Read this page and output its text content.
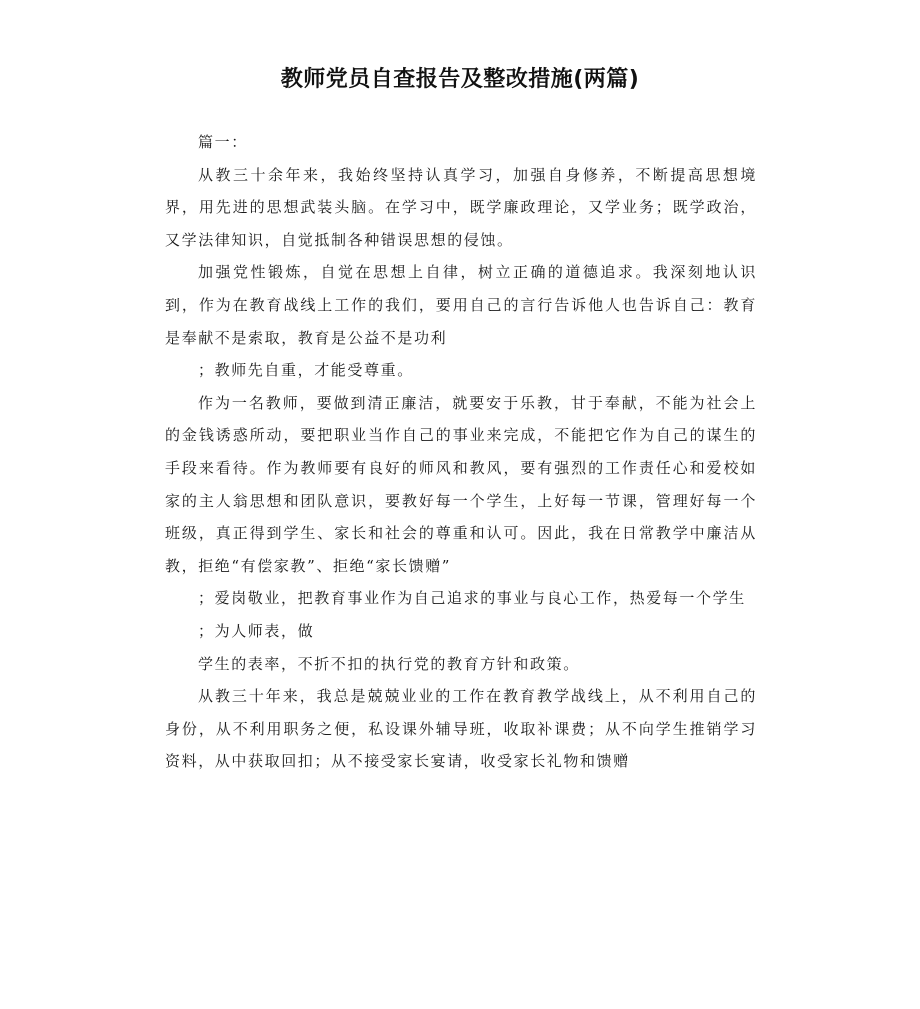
教师党员自查报告及整改措施(两篇)

篇一：

从教三十余年来，我始终坚持认真学习，加强自身修养，不断提高思想境界，用先进的思想武装头脑。在学习中，既学廉政理论，又学业务；既学政治，又学法律知识，自觉抵制各种错误思想的侵蚀。

加强党性锻炼，自觉在思想上自律，树立正确的道德追求。我深刻地认识到，作为在教育战线上工作的我们，要用自己的言行告诉他人也告诉自己：教育是奉献不是索取，教育是公益不是功利

；教师先自重，才能受尊重。

作为一名教师，要做到清正廉洁，就要安于乐教，甘于奉献，不能为社会上的金钱诱惑所动，要把职业当作自己的事业来完成，不能把它作为自己的谋生的手段来看待。作为教师要有良好的师风和教风，要有强烈的工作责任心和爱校如家的主人翁思想和团队意识，要教好每一个学生，上好每一节课，管理好每一个班级，真正得到学生、家长和社会的尊重和认可。因此，我在日常教学中廉洁从教，拒绝“有偿家教”、拒绝“家长馈赠”

；爱岗敬业，把教育事业作为自己追求的事业与良心工作，热爱每一个学生

；为人师表，做

学生的表率，不折不扣的执行党的教育方针和政策。

从教三十年来，我总是兢兢业业的工作在教育教学战线上，从不利用自己的身份，从不利用职务之便，私设课外辅导班，收取补课费；从不向学生推销学习资料，从中获取回扣；从不接受家长宴请，收受家长礼物和馈赠
